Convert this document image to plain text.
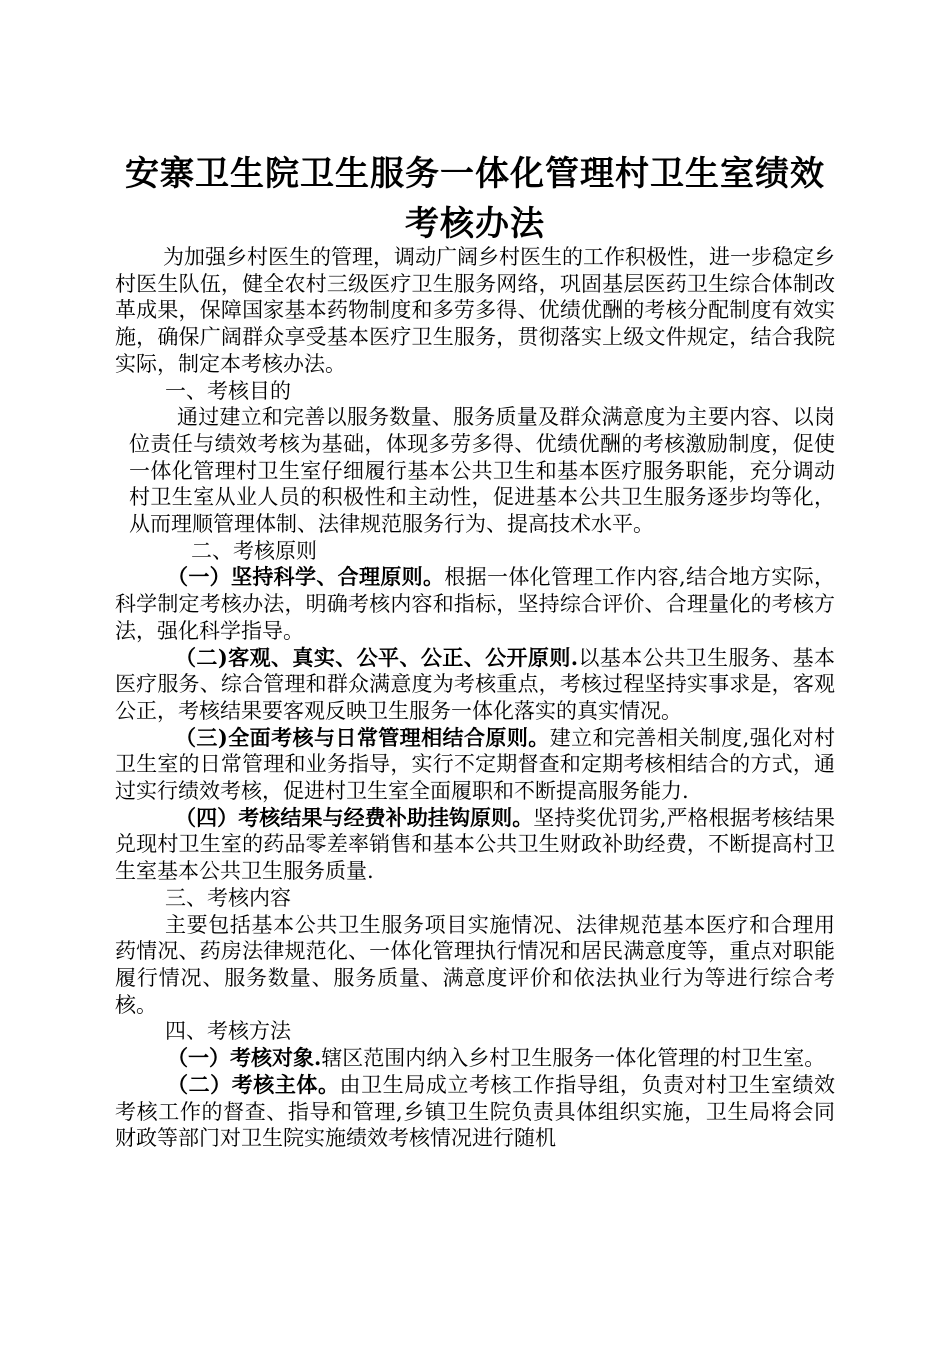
安寨卫生院卫生服务一体化管理村卫生室绩效
考核办法

为加强乡村医生的管理，调动广阔乡村医生的工作积极性，进一步稳定乡村医生队伍，健全农村三级医疗卫生服务网络，巩固基层医药卫生综合体制改革成果，保障国家基本药物制度和多劳多得、优绩优酬的考核分配制度有效实施，确保广阔群众享受基本医疗卫生服务，贯彻落实上级文件规定，结合我院实际，制定本考核办法。

一、考核目的

通过建立和完善以服务数量、服务质量及群众满意度为主要内容、以岗位责任与绩效考核为基础，体现多劳多得、优绩优酬的考核激励制度，促使一体化管理村卫生室仔细履行基本公共卫生和基本医疗服务职能，充分调动村卫生室从业人员的积极性和主动性，促进基本公共卫生服务逐步均等化，从而理顺管理体制、法律规范服务行为、提高技术水平。

二、考核原则

（一）坚持科学、合理原则。根据一体化管理工作内容,结合地方实际，科学制定考核办法，明确考核内容和指标，坚持综合评价、合理量化的考核方法，强化科学指导。

（二)客观、真实、公平、公正、公开原则.以基本公共卫生服务、基本医疗服务、综合管理和群众满意度为考核重点，考核过程坚持实事求是，客观公正，考核结果要客观反映卫生服务一体化落实的真实情况。

（三)全面考核与日常管理相结合原则。建立和完善相关制度,强化对村卫生室的日常管理和业务指导，实行不定期督查和定期考核相结合的方式，通过实行绩效考核，促进村卫生室全面履职和不断提高服务能力.

（四）考核结果与经费补助挂钩原则。坚持奖优罚劣,严格根据考核结果兑现村卫生室的药品零差率销售和基本公共卫生财政补助经费，不断提高村卫生室基本公共卫生服务质量.

三、考核内容

主要包括基本公共卫生服务项目实施情况、法律规范基本医疗和合理用药情况、药房法律规范化、一体化管理执行情况和居民满意度等，重点对职能履行情况、服务数量、服务质量、满意度评价和依法执业行为等进行综合考核。

四、考核方法

（一）考核对象.辖区范围内纳入乡村卫生服务一体化管理的村卫生室。

（二）考核主体。由卫生局成立考核工作指导组，负责对村卫生室绩效考核工作的督查、指导和管理,乡镇卫生院负责具体组织实施，卫生局将会同财政等部门对卫生院实施绩效考核情况进行随机
